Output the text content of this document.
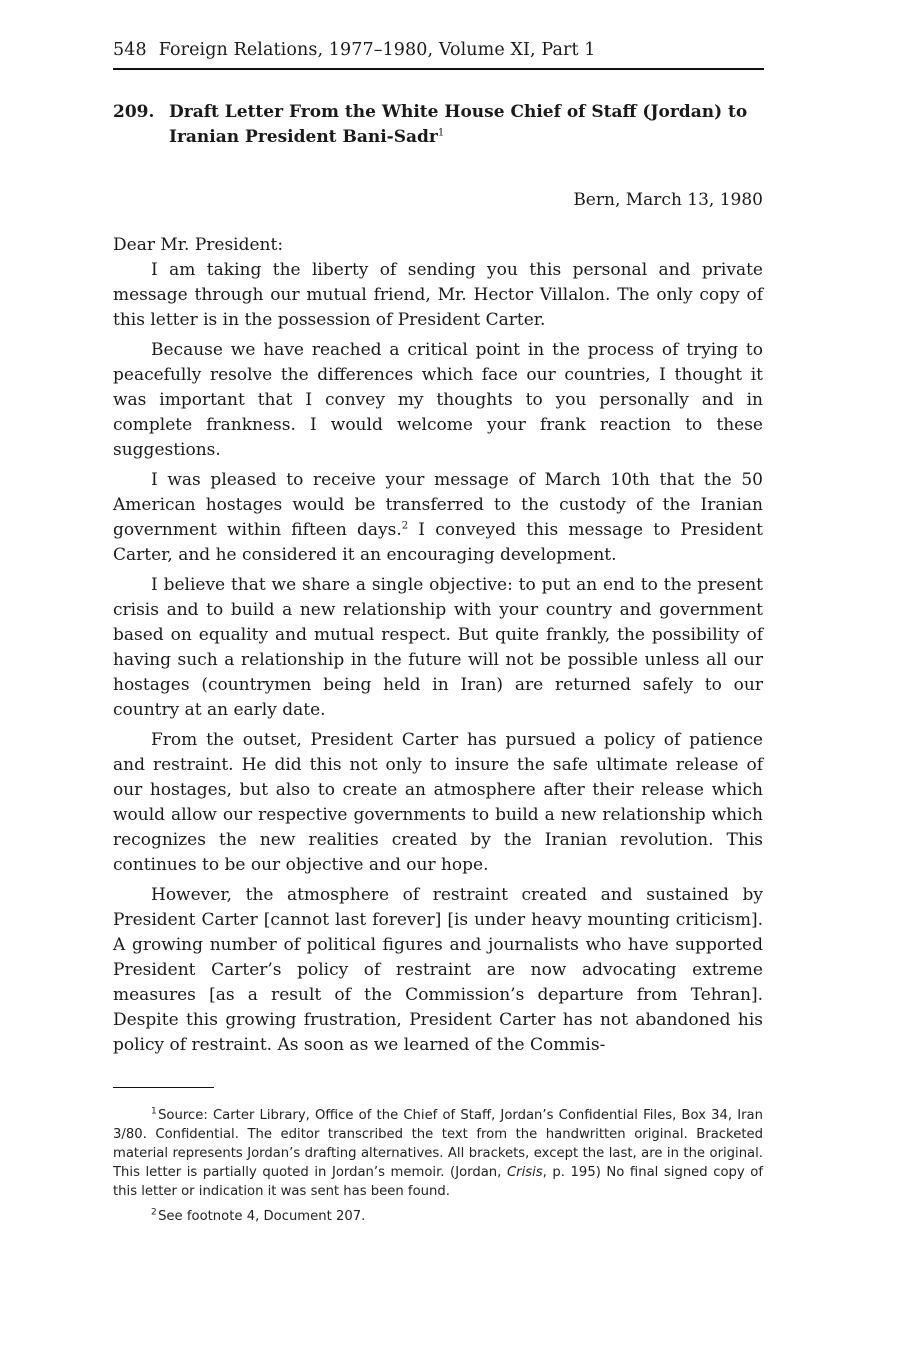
548 Foreign Relations, 1977–1980, Volume XI, Part 1
209. Draft Letter From the White House Chief of Staff (Jordan) to Iranian President Bani-Sadr$^1$
Bern, March 13, 1980

Dear Mr. President:

I am taking the liberty of sending you this personal and private message through our mutual friend, Mr. Hector Villalon. The only copy of this letter is in the possession of President Carter.

Because we have reached a critical point in the process of trying to peacefully resolve the differences which face our countries, I thought it was important that I convey my thoughts to you personally and in complete frankness. I would welcome your frank reaction to these suggestions.

I was pleased to receive your message of March 10th that the 50 American hostages would be transferred to the custody of the Iranian government within fifteen days.$^2$ I conveyed this message to President Carter, and he considered it an encouraging development.

I believe that we share a single objective: to put an end to the present crisis and to build a new relationship with your country and government based on equality and mutual respect. But quite frankly, the possibility of having such a relationship in the future will not be possible unless all our hostages (countrymen being held in Iran) are returned safely to our country at an early date.

From the outset, President Carter has pursued a policy of patience and restraint. He did this not only to insure the safe ultimate release of our hostages, but also to create an atmosphere after their release which would allow our respective governments to build a new relationship which recognizes the new realities created by the Iranian revolution. This continues to be our objective and our hope.

However, the atmosphere of restraint created and sustained by President Carter [cannot last forever] [is under heavy mounting criticism]. A growing number of political figures and journalists who have supported President Carter’s policy of restraint are now advocating extreme measures [as a result of the Commission’s departure from Tehran]. Despite this growing frustration, President Carter has not abandoned his policy of restraint. As soon as we learned of the Commis-

$^1$ Source: Carter Library, Office of the Chief of Staff, Jordan’s Confidential Files, Box 34, Iran 3/80. Confidential. The editor transcribed the text from the handwritten original. Bracketed material represents Jordan’s drafting alternatives. All brackets, except the last, are in the original. This letter is partially quoted in Jordan’s memoir. (Jordan, Crisis, p. 195) No final signed copy of this letter or indication it was sent has been found.

$^2$ See footnote 4, Document 207.
